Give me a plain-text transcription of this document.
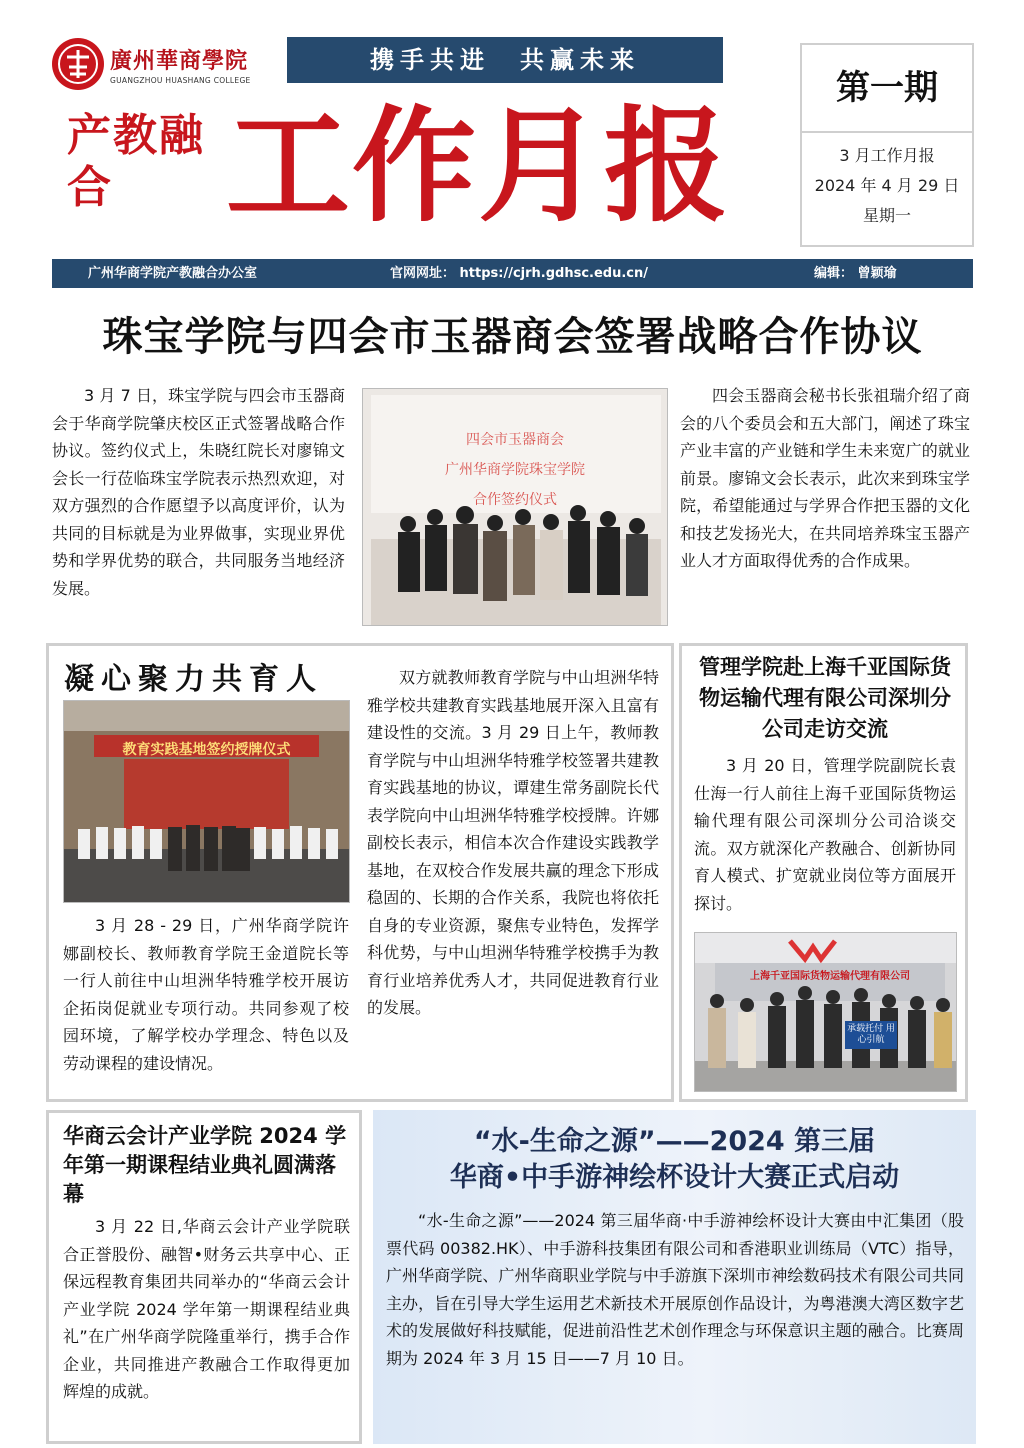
廣州華商學院
GUANGZHOU HUASHANG COLLEGE
携手共进　共赢未来
产教融合 工作月报
第一期
3 月工作月报
2024 年 4 月 29 日
星期一
广州华商学院产教融合办公室	官网网址： https://cjrh.gdhsc.edu.cn/	编辑： 曾颖瑜
珠宝学院与四会市玉器商会签署战略合作协议
3 月 7 日，珠宝学院与四会市玉器商会于华商学院肇庆校区正式签署战略合作协议。签约仪式上，朱晓红院长对廖锦文会长一行莅临珠宝学院表示热烈欢迎，对双方强烈的合作愿望予以高度评价，认为共同的目标就是为业界做事，实现业界优势和学界优势的联合，共同服务当地经济发展。
四会市玉器商会
广州华商学院珠宝学院
合作签约仪式
四会玉器商会秘书长张祖瑞介绍了商会的八个委员会和五大部门，阐述了珠宝产业丰富的产业链和学生未来宽广的就业前景。廖锦文会长表示，此次来到珠宝学院，希望能通过与学界合作把玉器的文化和技艺发扬光大，在共同培养珠宝玉器产业人才方面取得优秀的合作成果。
凝心聚力共育人
教育实践基地签约授牌仪式
3 月 28 - 29 日，广州华商学院许娜副校长、教师教育学院王金道院长等一行人前往中山坦洲华特雅学校开展访企拓岗促就业专项行动。共同参观了校园环境，了解学校办学理念、特色以及劳动课程的建设情况。
双方就教师教育学院与中山坦洲华特雅学校共建教育实践基地展开深入且富有建设性的交流。3 月 29 日上午，教师教育学院与中山坦洲华特雅学校签署共建教育实践基地的协议，谭建生常务副院长代表学院向中山坦洲华特雅学校授牌。许娜副校长表示，相信本次合作建设实践教学基地，在双校合作发展共赢的理念下形成稳固的、长期的合作关系，我院也将依托自身的专业资源，聚焦专业特色，发挥学科优势，与中山坦洲华特雅学校携手为教育行业培养优秀人才，共同促进教育行业的发展。
管理学院赴上海千亚国际货物运输代理有限公司深圳分公司走访交流
3 月 20 日，管理学院副院长袁仕海一行人前往上海千亚国际货物运输代理有限公司深圳分公司洽谈交流。双方就深化产教融合、创新协同育人模式、扩宽就业岗位等方面展开探讨。
上海千亚国际货物运输代理有限公司
承载托付 用心引航
华商云会计产业学院 2024 学年第一期课程结业典礼圆满落幕
3 月 22 日,华商云会计产业学院联合正誉股份、融智•财务云共享中心、正保远程教育集团共同举办的“华商云会计产业学院 2024 学年第一期课程结业典礼”在广州华商学院隆重举行，携手合作企业，共同推进产教融合工作取得更加辉煌的成就。
“水-生命之源”——2024 第三届
华商•中手游神绘杯设计大赛正式启动
“水-生命之源”——2024 第三届华商·中手游神绘杯设计大赛由中汇集团（股票代码 00382.HK）、中手游科技集团有限公司和香港职业训练局（VTC）指导，广州华商学院、广州华商职业学院与中手游旗下深圳市神绘数码技术有限公司共同主办，旨在引导大学生运用艺术新技术开展原创作品设计，为粤港澳大湾区数字艺术的发展做好科技赋能，促进前沿性艺术创作理念与环保意识主题的融合。比赛周期为 2024 年 3 月 15 日——7 月 10 日。
